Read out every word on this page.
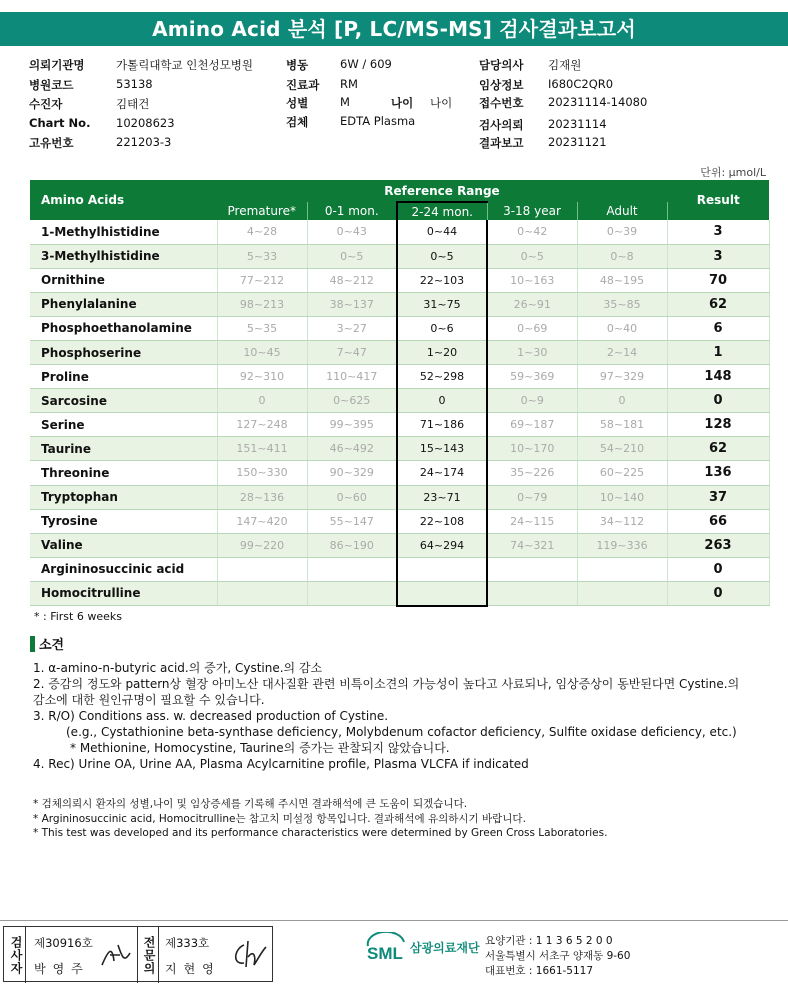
Amino Acid 분석 [P, LC/MS-MS] 검사결과보고서
의뢰기관명	가톨릭대학교 인천성모병원
병원코드	53138
수진자	김태건
Chart No. 10208623
고유번호	221203-3
병동	6W / 609
진료과 RM
성별	M
검체	EDTA Plasma
담당의사 김재원
임상정보 I680C2QR0
접수번호 20231114-14080
검사의뢰 20231114
결과보고 20231121
나이 나이
단위: μmol/L
Amino Acids	Reference Range					Result
	Premature*	0-1 mon.	2-24 mon.	3-18 year	Adult	
1-Methylhistidine	4~28	0~43	0~44	0~42	0~39	3
3-Methylhistidine	5~33	0~5	0~5	0~5	0~8	3
Ornithine	77~212	48~212	22~103	10~163	48~195	70
Phenylalanine	98~213	38~137	31~75	26~91	35~85	62
Phosphoethanolamine	5~35	3~27	0~6	0~69	0~40	6
Phosphoserine	10~45	7~47	1~20	1~30	2~14	1
Proline	92~310	110~417	52~298	59~369	97~329	148
Sarcosine	0	0~625	0	0~9	0	0
Serine	127~248	99~395	71~186	69~187	58~181	128
Taurine	151~411	46~492	15~143	10~170	54~210	62
Threonine	150~330	90~329	24~174	35~226	60~225	136
Tryptophan	28~136	0~60	23~71	0~79	10~140	37
Tyrosine	147~420	55~147	22~108	24~115	34~112	66
Valine	99~220	86~190	64~294	74~321	119~336	263
Argininosuccinic acid						0
Homocitrulline						0
* : First 6 weeks
소견
1. α-amino-n-butyric acid.의 증가, Cystine.의 감소
2. 증감의 정도와 pattern상 혈장 아미노산 대사질환 관련 비특이소견의 가능성이 높다고 사료되나, 임상증상이 동반된다면 Cystine.의
감소에 대한 원인규명이 필요할 수 있습니다.
3. R/O) Conditions ass. w. decreased production of Cystine.
(e.g., Cystathionine beta-synthase deficiency, Molybdenum cofactor deficiency, Sulfite oxidase deficiency, etc.)
* Methionine, Homocystine, Taurine의 증가는 관찰되지 않았습니다.
4. Rec) Urine OA, Urine AA, Plasma Acylcarnitine profile, Plasma VLCFA if indicated
* 검체의뢰시 환자의 성별,나이 및 임상증세를 기록해 주시면 결과해석에 큰 도움이 되겠습니다.
* Argininosuccinic acid, Homocitrulline는 참고치 미설정 항목입니다. 결과해석에 유의하시기 바랍니다.
* This test was developed and its performance characteristics were determined by Green Cross Laboratories.
검사자 제30916호
박영주	전문의 제333호
지현영
SML 삼광의료재단 요양기관 : 1 1 3 6 5 2 0 0
서울특별시 서초구 양재동 9-60
대표번호 : 1661-5117
